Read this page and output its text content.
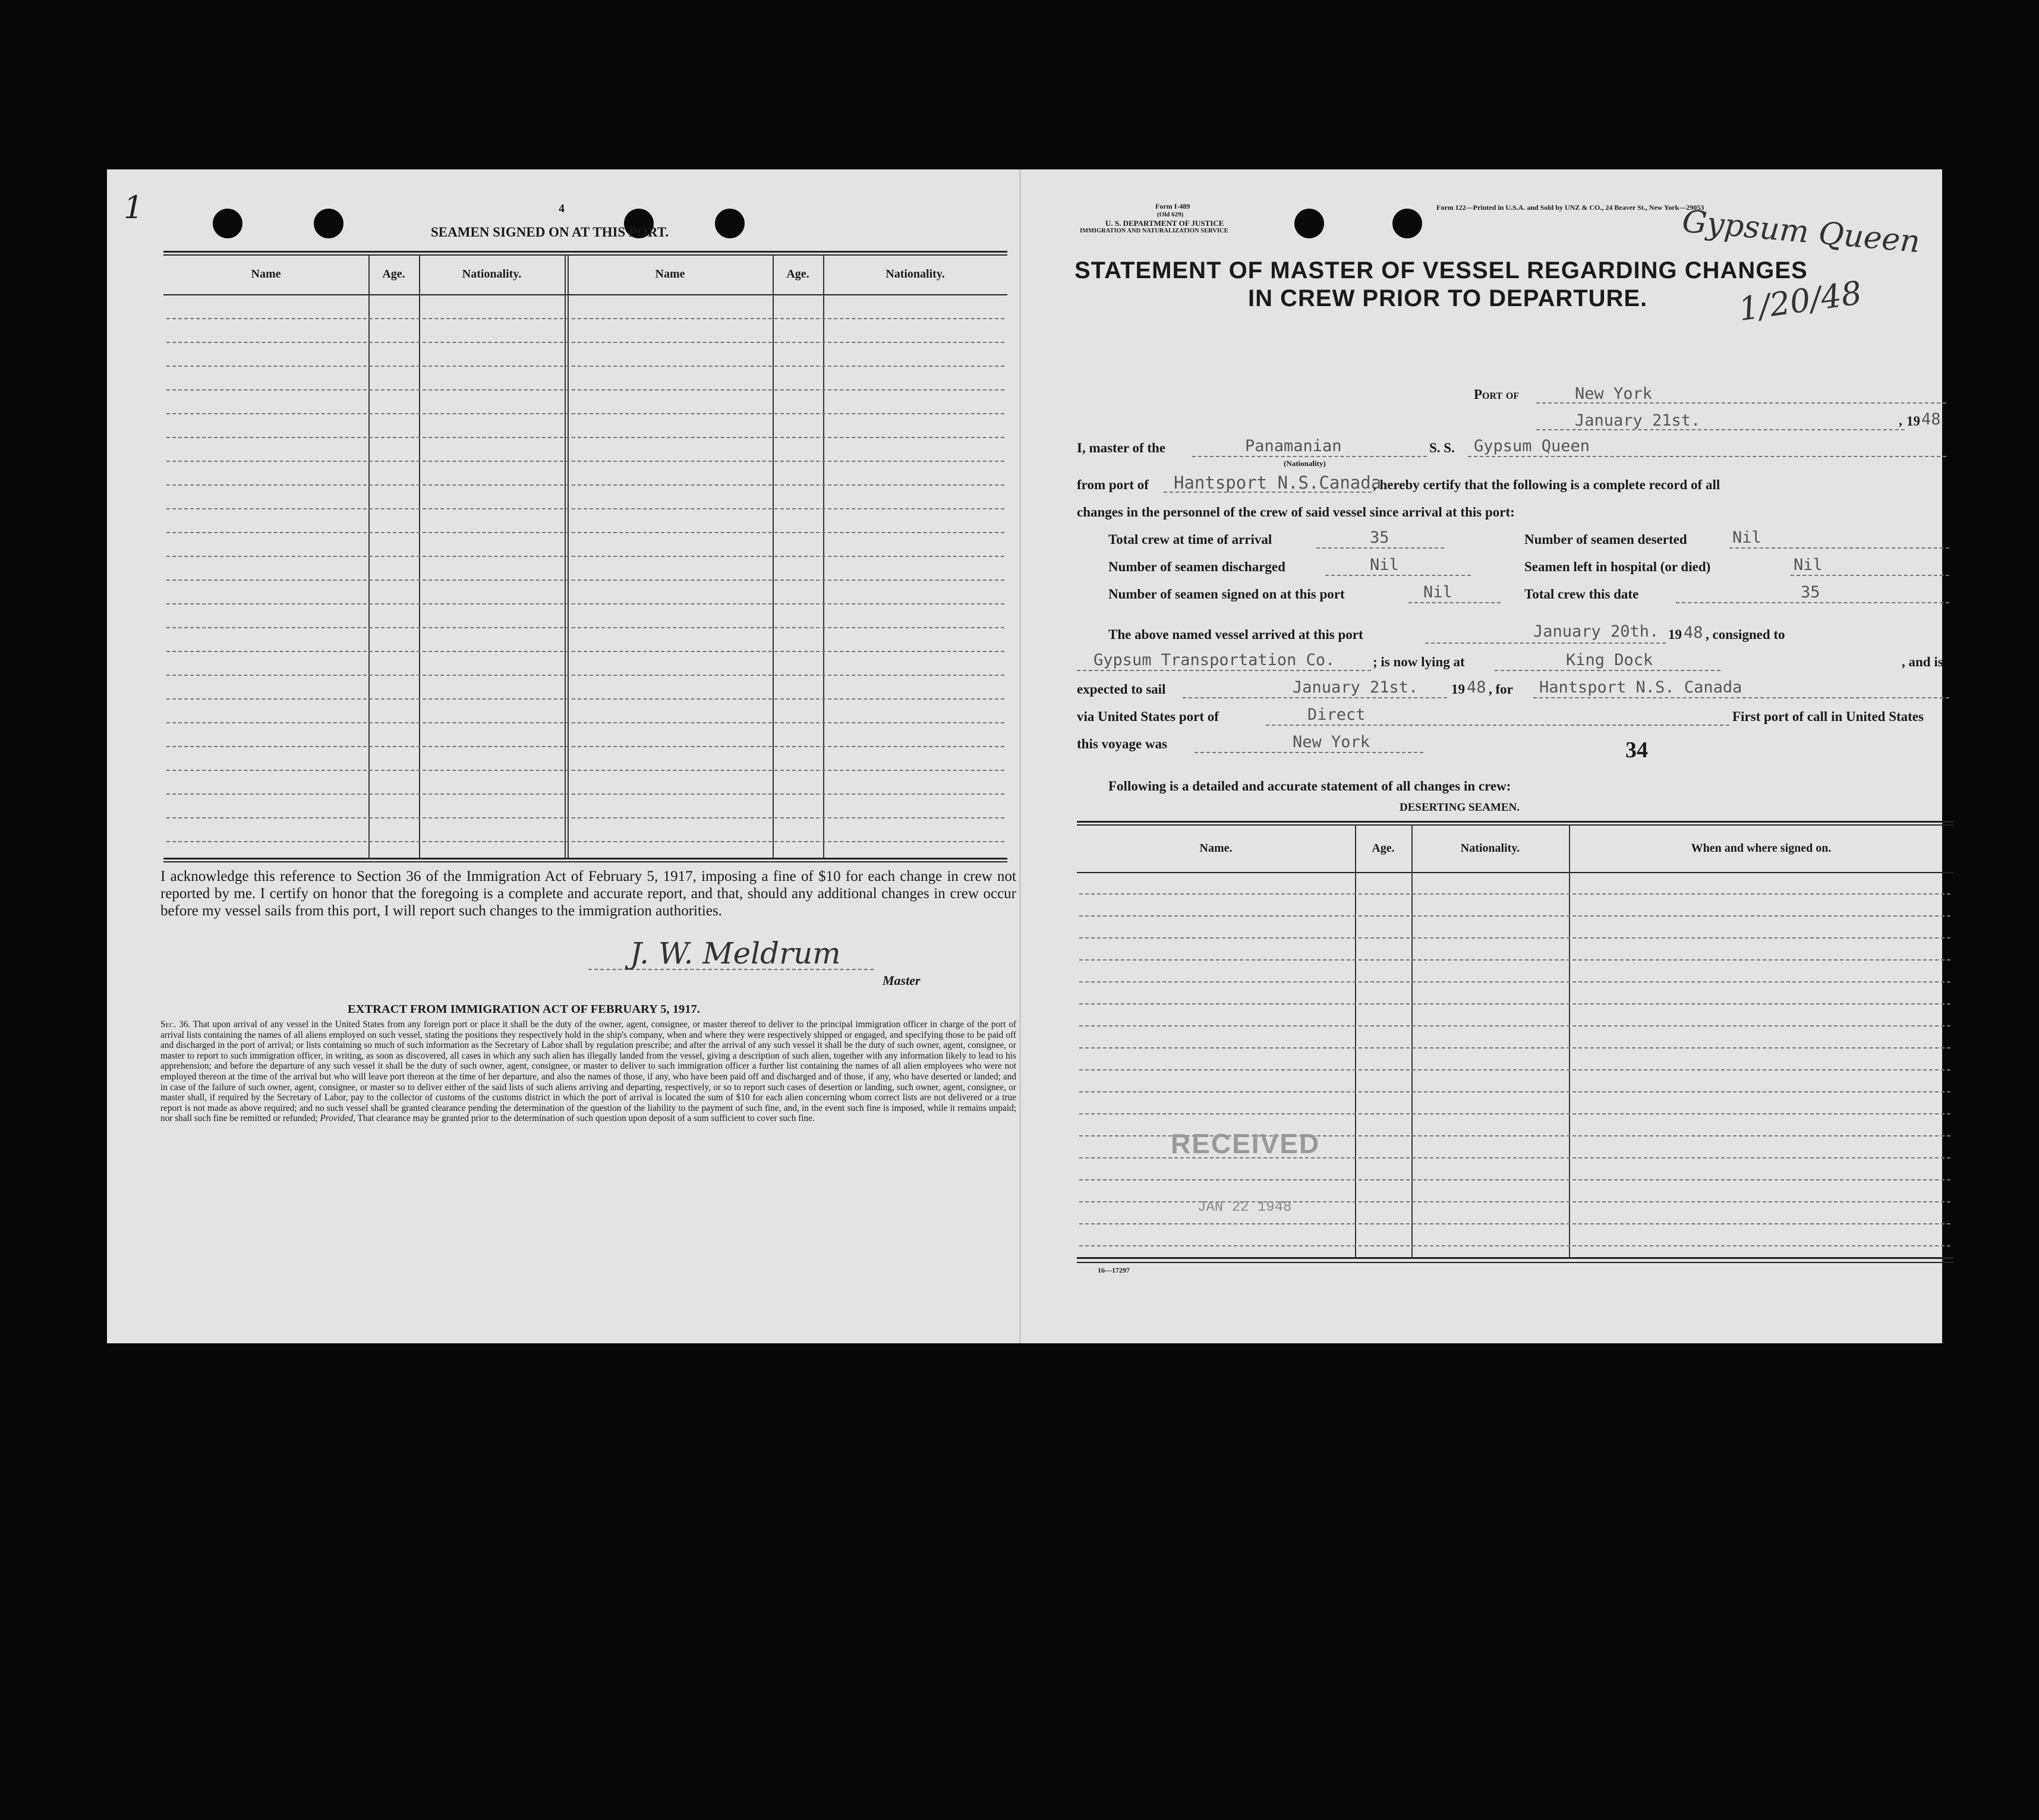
1	4
SEAMEN SIGNED ON AT THIS PORT.
Name	Age.	Nationality.	Name	Age.	Nationality.
I acknowledge this reference to Section 36 of the Immigration Act of February 5, 1917, imposing a fine of $10 for each change in crew not reported by me. I certify on honor that the foregoing is a complete and accurate report, and that, should any additional changes in crew occur before my vessel sails from this port, I will report such changes to the immigration authorities.
J. W. Meldrum
Master
EXTRACT FROM IMMIGRATION ACT OF FEBRUARY 5, 1917.
Sec. 36. That upon arrival of any vessel in the United States from any foreign port or place it shall be the duty of the owner, agent, consignee, or master thereof to deliver to the principal immigration officer in charge of the port of arrival lists containing the names of all aliens employed on such vessel, stating the positions they respectively hold in the ship's company, when and where they were respectively shipped or engaged, and specifying those to be paid off and discharged in the port of arrival; or lists containing so much of such information as the Secretary of Labor shall by regulation prescribe; and after the arrival of any such vessel it shall be the duty of such owner, agent, consignee, or master to report to such immigration officer, in writing, as soon as discovered, all cases in which any such alien has illegally landed from the vessel, giving a description of such alien, together with any information likely to lead to his apprehension; and before the departure of any such vessel it shall be the duty of such owner, agent, consignee, or master to deliver to such immigration officer a further list containing the names of all alien employees who were not employed thereon at the time of the arrival but who will leave port thereon at the time of her departure, and also the names of those, if any, who have been paid off and discharged and of those, if any, who have deserted or landed; and in case of the failure of such owner, agent, consignee, or master so to deliver either of the said lists of such aliens arriving and departing, respectively, or so to report such cases of desertion or landing, such owner, agent, consignee, or master shall, if required by the Secretary of Labor, pay to the collector of customs of the customs district in which the port of arrival is located the sum of $10 for each alien concerning whom correct lists are not delivered or a true report is not made as above required; and no such vessel shall be granted clearance pending the determination of the question of the liability to the payment of such fine, and, in the event such fine is imposed, while it remains unpaid; nor shall such fine be remitted or refunded; Provided, That clearance may be granted prior to the determination of such question upon deposit of a sum sufficient to cover such fine.
Form I-489
(Old 629)
U. S. DEPARTMENT OF JUSTICE
IMMIGRATION AND NATURALIZATION SERVICE
Form 122—Printed in U.S.A. and Sold by UNZ & CO., 24 Beaver St., New York—29053
Gypsum Queen
1/20/48
STATEMENT OF MASTER OF VESSEL REGARDING CHANGES
IN CREW PRIOR TO DEPARTURE.
Port of	New York
January 21st.	, 19 48
I, master of the	Panamanian
(Nationality)
S. S. Gypsum Queen
from port of Hantsport N.S.Canada
, hereby certify that the following is a complete record of all
changes in the personnel of the crew of said vessel since arrival at this port:
Total crew at time of arrival	35	Number of seamen deserted	Nil
Number of seamen discharged	Nil	Seamen left in hospital (or died)	Nil
Number of seamen signed on at this port	Nil	Total crew this date	35
The above named vessel arrived at this port	January 20th. 19 48 , consigned to
Gypsum Transportation Co.	; is now lying at	King Dock	, and is
expected to sail	January 21st. 19 48 , for Hantsport N.S. Canada
via United States port of	Direct	First port of call in United States
this voyage was	New York	34
Following is a detailed and accurate statement of all changes in crew:
DESERTING SEAMEN.
Name.	Age.	Nationality.	When and where signed on.
RECEIVED
JAN 22 1948
16—17297
